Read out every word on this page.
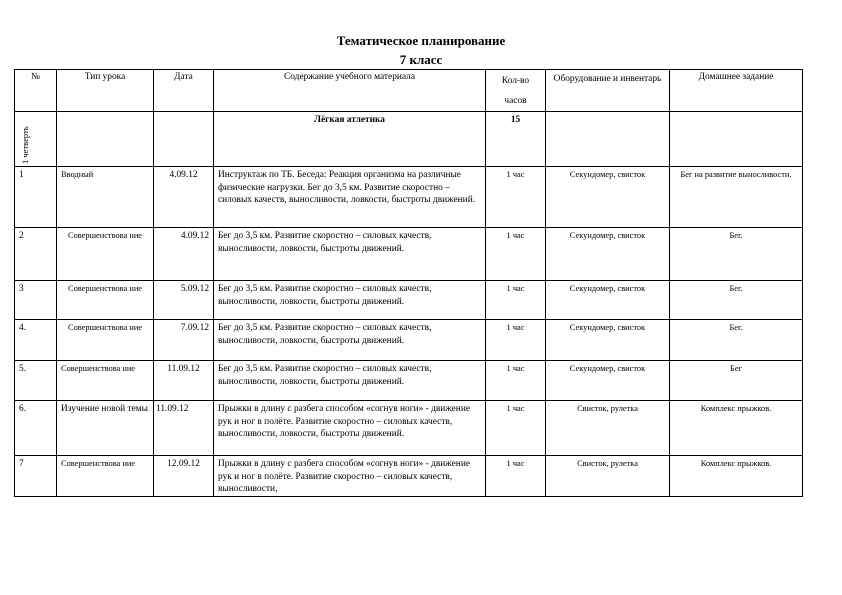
Тематическое планирование
7 класс
№	Тип урока	Дата	Содержание учебного материала	Кол-во часов	Оборудование и инвентарь	Домашнее задание
1 четверть			Лёгкая атлетика	15		
1	Вводный	4.09.12	Инструктаж по ТБ. Беседа: Реакция организма на различные физические нагрузки. Бег до 3,5 км. Развитие скоростно – силовых качеств, выносливости, ловкости, быстроты движений.	1 час	Секундомер, свисток	Бег на развитие выносливости.
2	Совершенствова ние	4.09.12	Бег до 3,5 км. Развитие скоростно – силовых качеств, выносливости, ловкости, быстроты движений.	1 час	Секундомер, свисток	Бег.
3	Совершенствова ние	5.09.12	Бег до 3,5 км. Развитие скоростно – силовых качеств, выносливости, ловкости, быстроты движений.	1 час	Секундомер, свисток	Бег.
4.	Совершенствова ние	7.09.12	Бег до 3,5 км. Развитие скоростно – силовых качеств, выносливости, ловкости, быстроты движений.	1 час	Секундомер, свисток	Бег.
5.	Совершенствова ние	11.09.12	Бег до 3,5 км. Развитие скоростно – силовых качеств, выносливости, ловкости, быстроты движений.	1 час	Секундомер, свисток	Бег
6.	Изучение новой темы	11.09.12	Прыжки в длину с разбега способом «согнув ноги» - движение рук и ног в полёте. Развитие скоростно – силовых качеств, выносливости, ловкости, быстроты движений.	1 час	Свисток, рулетка	Комплекс прыжков.
7	Совершенствова ние	12.09.12	Прыжки в длину с разбега способом «согнув ноги» - движение рук и ног в полёте. Развитие скоростно – силовых качеств, выносливости,	1 час	Свисток, рулетка	Комплекс прыжков.
